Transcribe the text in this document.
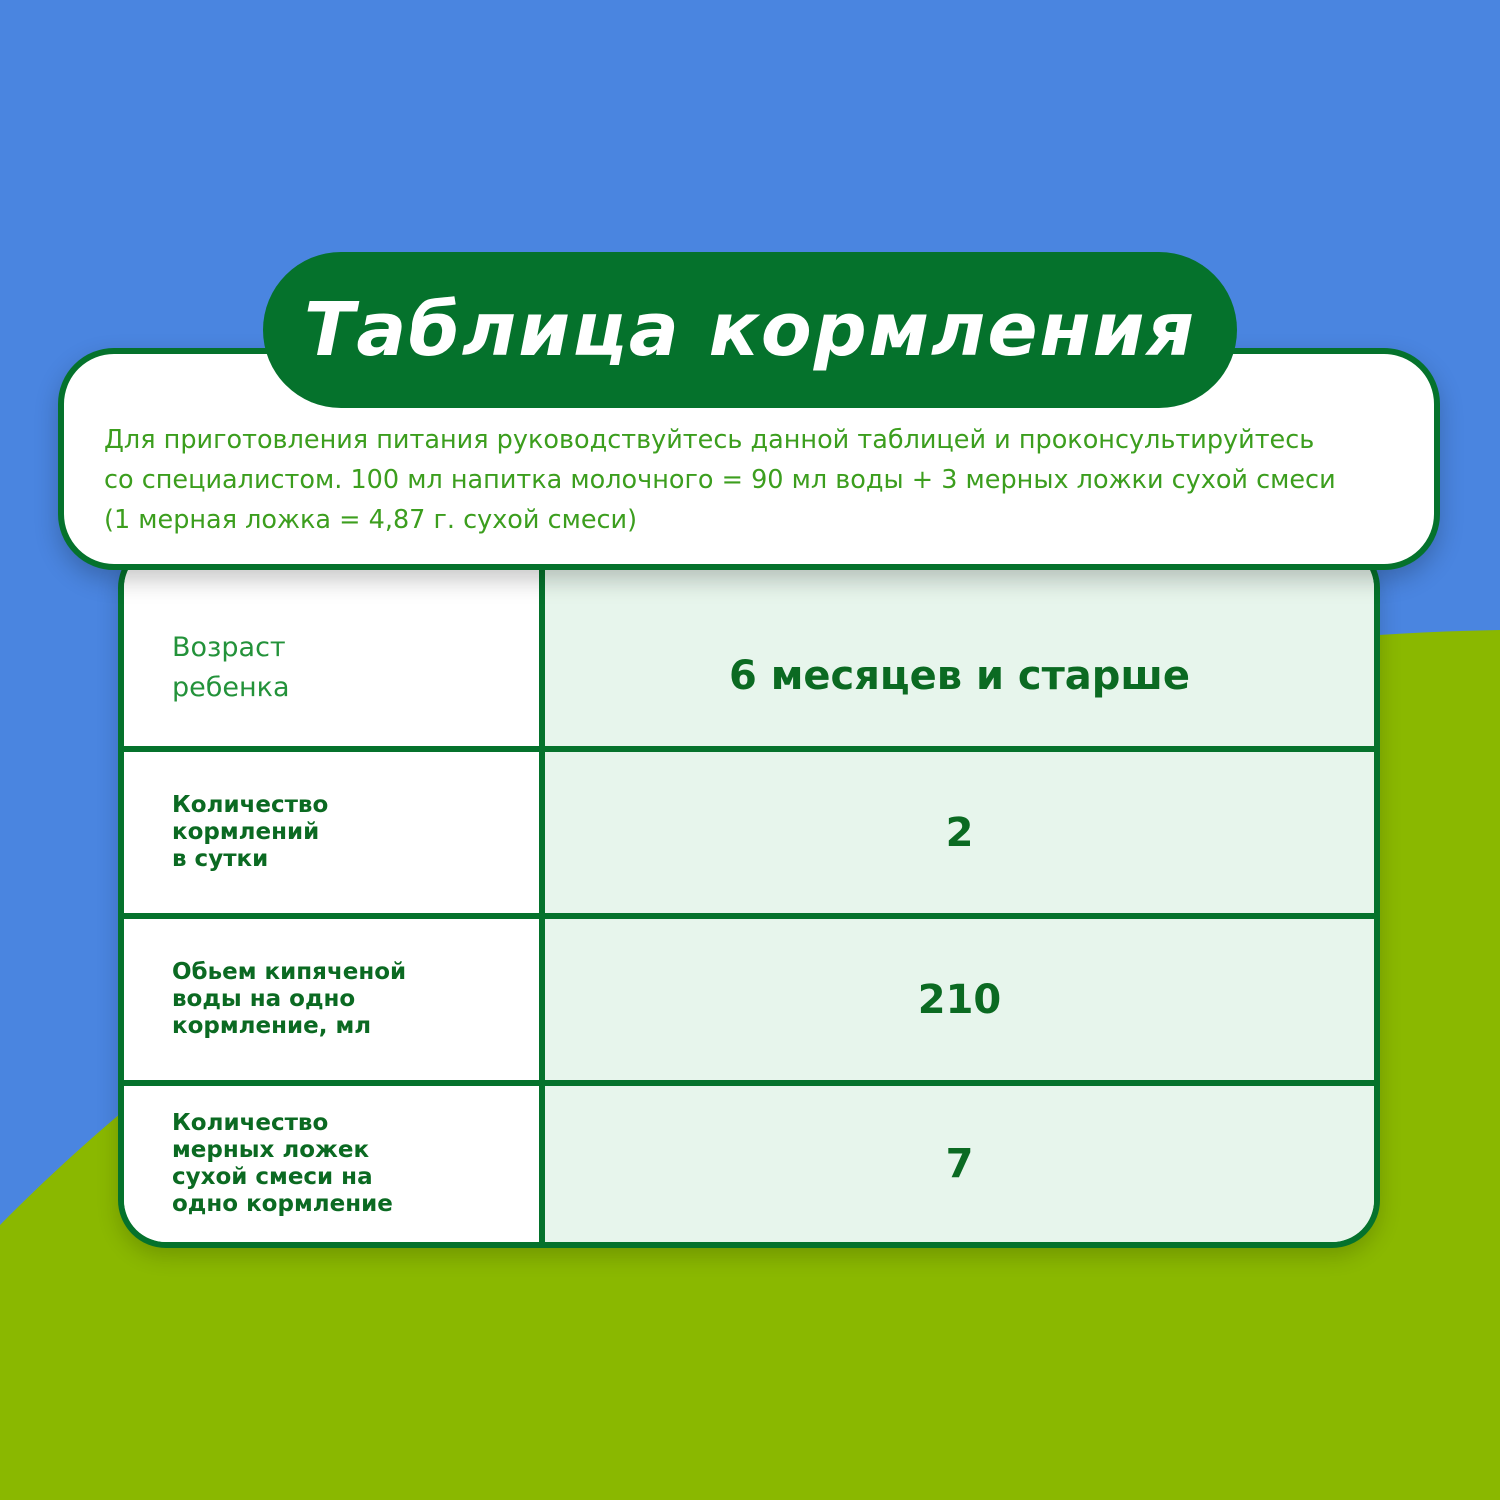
Возраст
ребенка	6 месяцев и старше
Количество
кормлений
в сутки
2
Обьем кипяченой
воды на одно
кормление, мл
210
Количество
мерных ложек
сухой смеси на
одно кормление
7
Для приготовления питания руководствуйтесь данной таблицей и проконсультируйтесь
со специалистом. 100 мл напитка молочного = 90 мл воды + 3 мерных ложки сухой смеси
(1 мерная ложка = 4,87 г. сухой смеси)
Таблица кормления
